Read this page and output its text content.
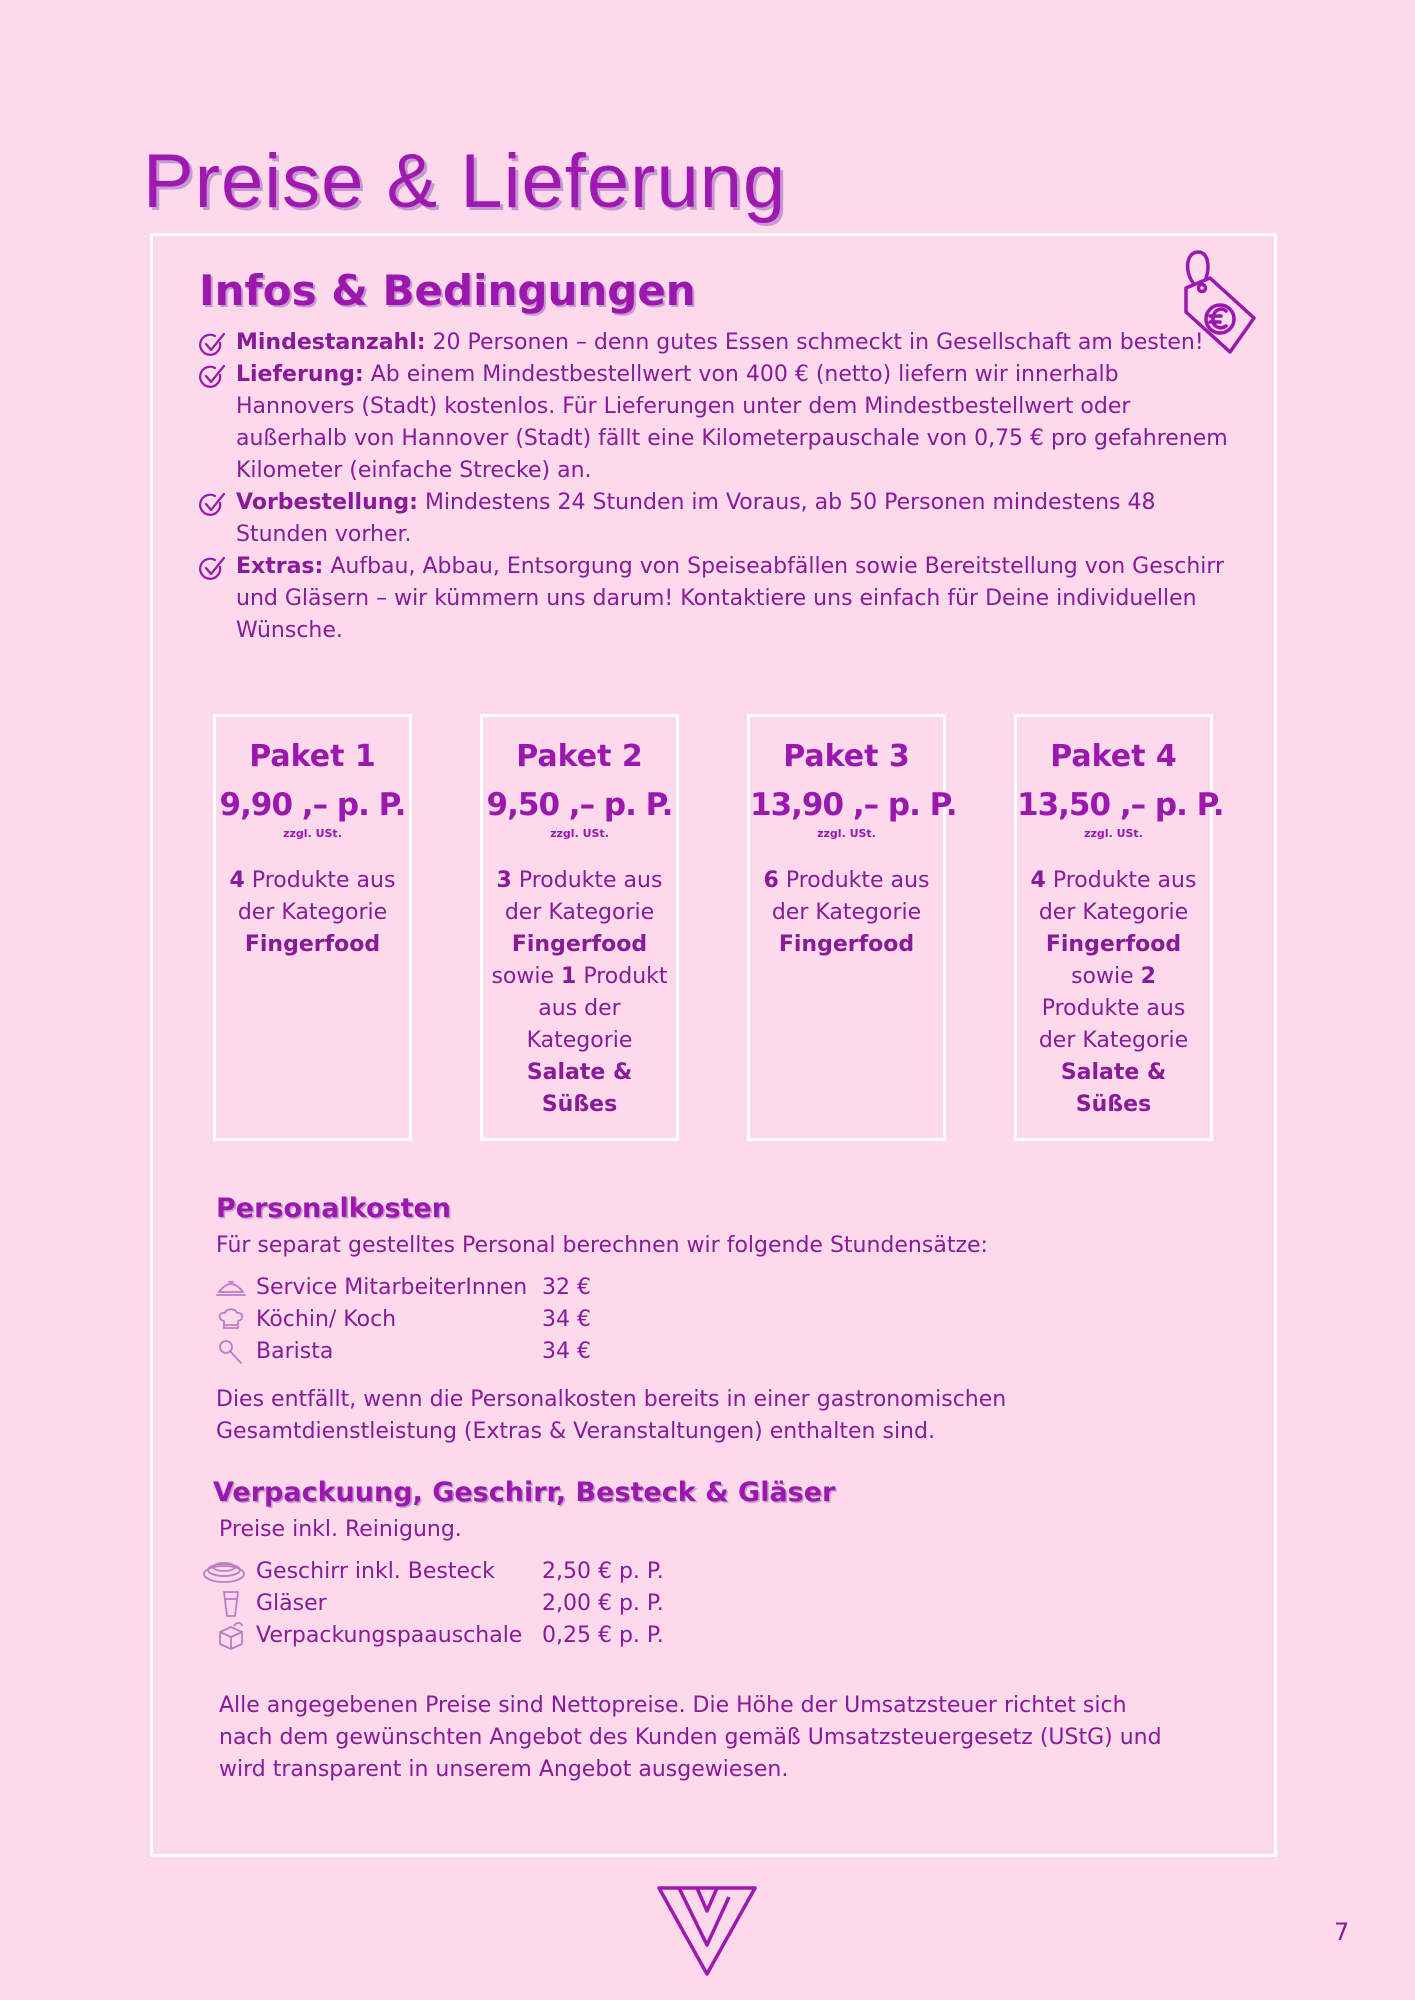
Preise & Lieferung
Infos & Bedingungen
Mindestanzahl: 20 Personen – denn gutes Essen schmeckt in Gesellschaft am besten!
Lieferung: Ab einem Mindestbestellwert von 400 € (netto) liefern wir innerhalb Hannovers (Stadt) kostenlos. Für Lieferungen unter dem Mindestbestellwert oder außerhalb von Hannover (Stadt) fällt eine Kilometerpauschale von 0,75 € pro gefahrenem Kilometer (einfache Strecke) an.
Vorbestellung: Mindestens 24 Stunden im Voraus, ab 50 Personen mindestens 48 Stunden vorher.
Extras: Aufbau, Abbau, Entsorgung von Speiseabfällen sowie Bereitstellung von Geschirr und Gläsern – wir kümmern uns darum! Kontaktiere uns einfach für Deine individuellen Wünsche.
Paket 1
9,90 ,– p. P.
zzgl. USt.
4 Produkte aus der Kategorie Fingerfood
Paket 2
9,50 ,– p. P.
zzgl. USt.
3 Produkte aus der Kategorie Fingerfood sowie 1 Produkt aus der Kategorie Salate & Süßes
Paket 3
13,90 ,– p. P.
zzgl. USt.
6 Produkte aus der Kategorie Fingerfood
Paket 4
13,50 ,– p. P.
zzgl. USt.
4 Produkte aus der Kategorie Fingerfood sowie 2 Produkte aus der Kategorie Salate & Süßes
Personalkosten

Für separat gestelltes Personal berechnen wir folgende Stundensätze:

Service MitarbeiterInnen 32 €
Köchin/ Koch	34 €
Barista	34 €

Dies entfällt, wenn die Personalkosten bereits in einer gastronomischen Gesamtdienstleistung (Extras & Veranstaltungen) enthalten sind.

Verpackuung, Geschirr, Besteck & Gläser

Preise inkl. Reinigung.

Geschirr inkl. Besteck 2,50 € p. P.
Gläser	2,00 € p. P.
Verpackungspaauschale 0,25 € p. P.

Alle angegebenen Preise sind Nettopreise. Die Höhe der Umsatzsteuer richtet sich nach dem gewünschten Angebot des Kunden gemäß Umsatzsteuergesetz (UStG) und wird transparent in unserem Angebot ausgewiesen.

7
